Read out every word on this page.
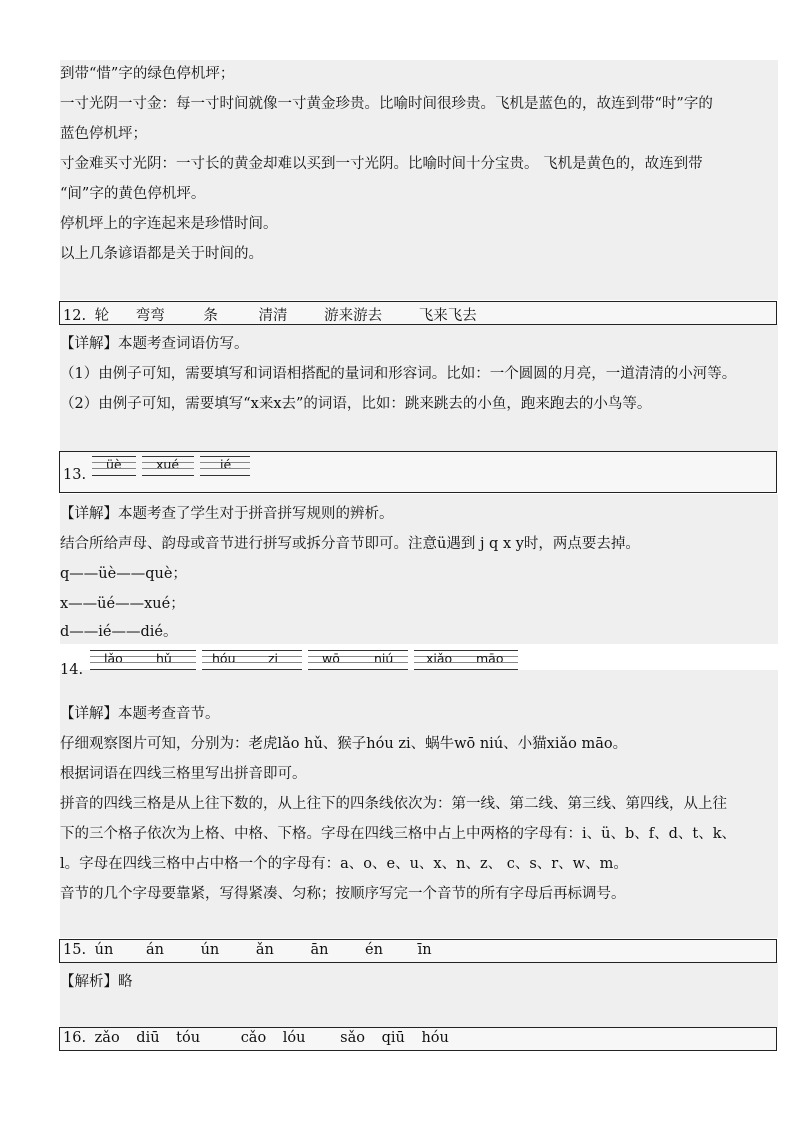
到带“惜”字的绿色停机坪；
一寸光阴一寸金：每一寸时间就像一寸黄金珍贵。比喻时间很珍贵。飞机是蓝色的，故连到带“时”字的
蓝色停机坪；
寸金难买寸光阴：一寸长的黄金却难以买到一寸光阴。比喻时间十分宝贵。 飞机是黄色的，故连到带
“间”字的黄色停机坪。
停机坪上的字连起来是珍惜时间。
以上几条谚语都是关于时间的。
12. 轮 弯弯	条	清清	游来游去	飞来飞去
【详解】本题考查词语仿写。
（1）由例子可知，需要填写和词语相搭配的量词和形容词。比如：一个圆圆的月亮，一道清清的小河等。
（2）由例子可知，需要填写“x来x去”的词语，比如：跳来跳去的小鱼，跑来跑去的小鸟等。
13.
üè	xué	ié
【详解】本题考查了学生对于拼音拼写规则的辨析。
结合所给声母、韵母或音节进行拼写或拆分音节即可。注意ü遇到 j q x y时，两点要去掉。
q——üè——què；
x——üé——xué；
d——ié——dié。
14.
lǎo	hǔ	hóu	zi	wō	niú	xiǎo māo
【详解】本题考查音节。
仔细观察图片可知，分别为：老虎lǎo hǔ、猴子hóu zi、蜗牛wō niú、小猫xiǎo māo。
根据词语在四线三格里写出拼音即可。
拼音的四线三格是从上往下数的，从上往下的四条线依次为：第一线、第二线、第三线、第四线，从上往
下的三个格子依次为上格、中格、下格。字母在四线三格中占上中两格的字母有：i、ü、b、f、d、t、k、
l。字母在四线三格中占中格一个的字母有：a、o、e、u、x、n、z、 c、s、r、w、m。
音节的几个字母要靠紧，写得紧凑、匀称；按顺序写完一个音节的所有字母后再标调号。
15. ún án	ún	ǎn	ān	én īn
【解析】略
16. zǎo diū tóu	cǎo lóu sǎo qiū hóu
